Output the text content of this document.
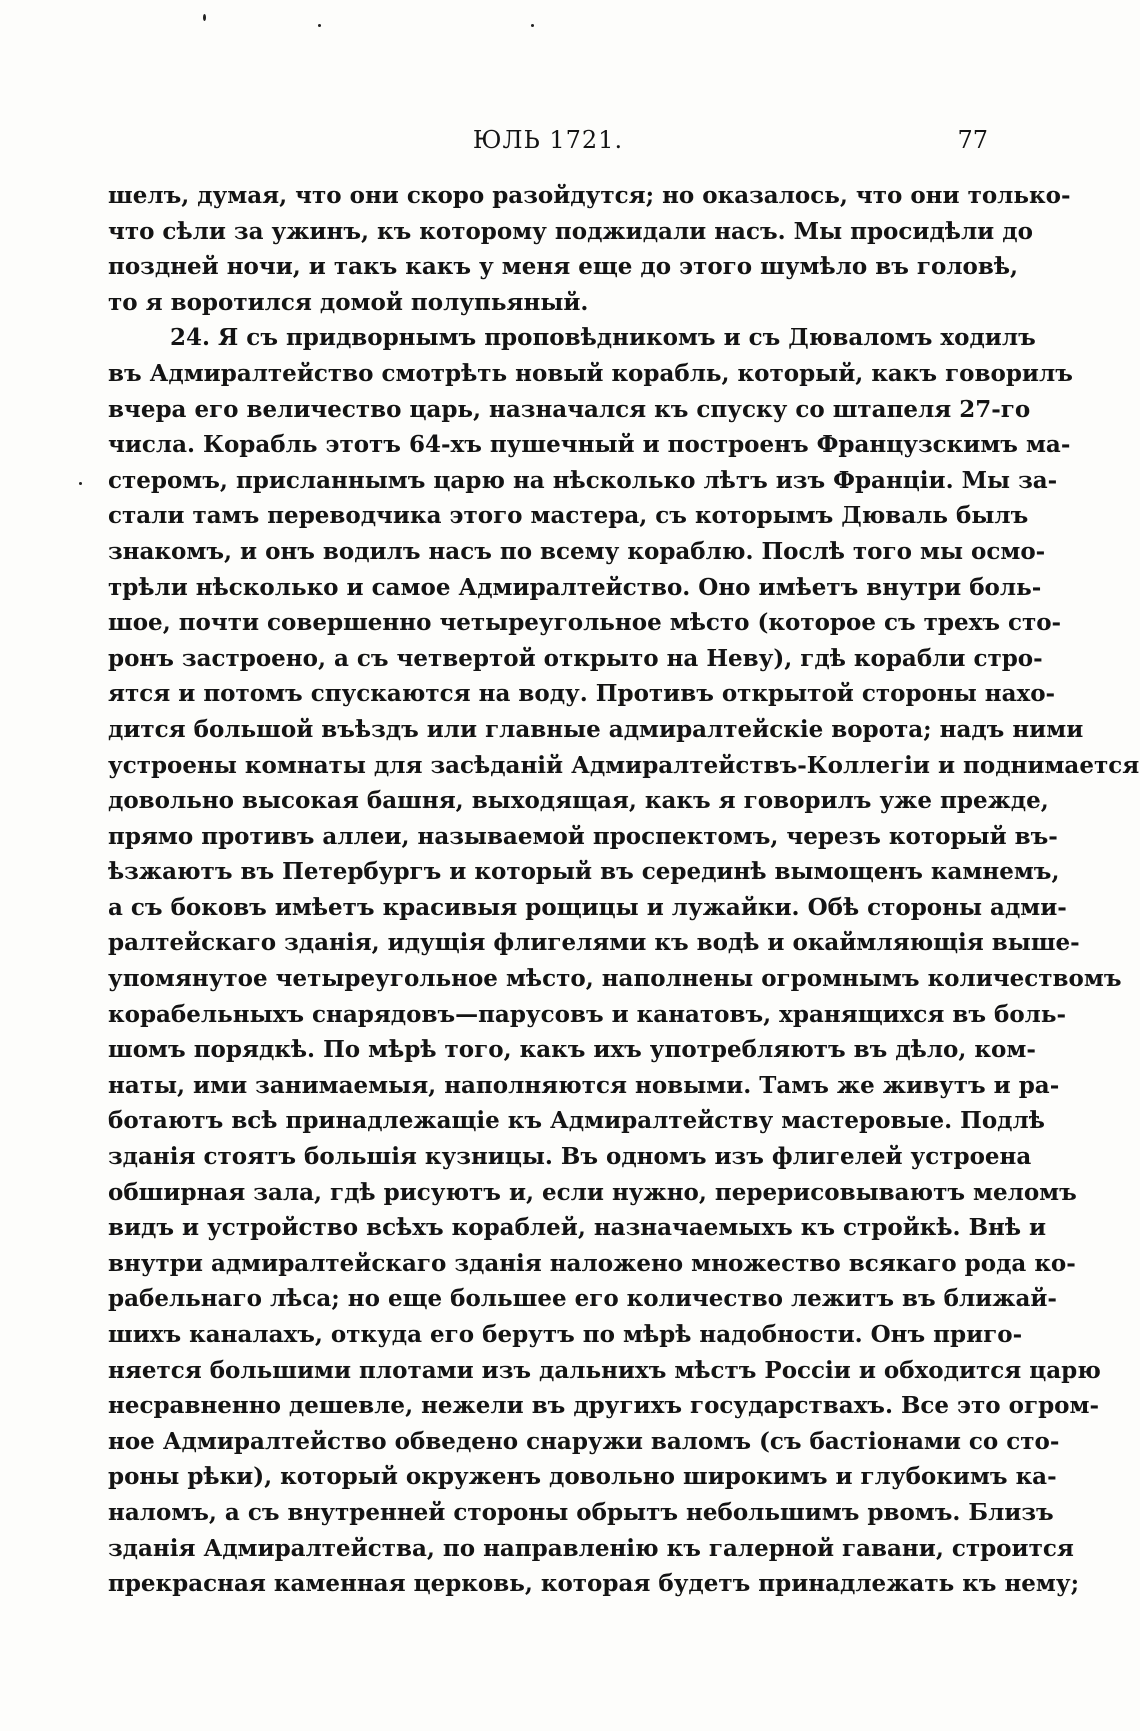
ЮЛЬ 1721.	77
шелъ, думая, что они скоро разойдутся; но оказалось, что они только-
что сѣли за ужинъ, къ которому поджидали насъ. Мы просидѣли до
поздней ночи, и такъ какъ у меня еще до этого шумѣло въ головѣ,
то я воротился домой полупьяный.
24. Я съ придворнымъ проповѣдникомъ и съ Дюваломъ ходилъ
въ Адмиралтейство смотрѣть новый корабль, который, какъ говорилъ
вчера его величество царь, назначался къ спуску со штапеля 27-го
числа. Корабль этотъ 64-хъ пушечный и построенъ Французскимъ ма-
стеромъ, присланнымъ царю на нѣсколько лѣтъ изъ Франціи. Мы за-
стали тамъ переводчика этого мастера, съ которымъ Дюваль былъ
знакомъ, и онъ водилъ насъ по всему кораблю. Послѣ того мы осмо-
трѣли нѣсколько и самое Адмиралтейство. Оно имѣетъ внутри боль-
шое, почти совершенно четыреугольное мѣсто (которое съ трехъ сто-
ронъ застроено, а съ четвертой открыто на Неву), гдѣ корабли стро-
ятся и потомъ спускаются на воду. Противъ открытой стороны нахо-
дится большой въѣздъ или главные адмиралтейскіе ворота; надъ ними
устроены комнаты для засѣданій Адмиралтействъ-Коллегіи и поднимается
довольно высокая башня, выходящая, какъ я говорилъ уже прежде,
прямо противъ аллеи, называемой проспектомъ, черезъ который въ-
ѣзжаютъ въ Петербургъ и который въ серединѣ вымощенъ камнемъ,
а съ боковъ имѣетъ красивыя рощицы и лужайки. Обѣ стороны адми-
ралтейскаго зданія, идущія флигелями къ водѣ и окаймляющія выше-
упомянутое четыреугольное мѣсто, наполнены огромнымъ количествомъ
корабельныхъ снарядовъ—парусовъ и канатовъ, хранящихся въ боль-
шомъ порядкѣ. По мѣрѣ того, какъ ихъ употребляютъ въ дѣло, ком-
наты, ими занимаемыя, наполняются новыми. Тамъ же живутъ и ра-
ботаютъ всѣ принадлежащіе къ Адмиралтейству мастеровые. Подлѣ
зданія стоятъ большія кузницы. Въ одномъ изъ флигелей устроена
обширная зала, гдѣ рисуютъ и, если нужно, перерисовываютъ меломъ
видъ и устройство всѣхъ кораблей, назначаемыхъ къ стройкѣ. Внѣ и
внутри адмиралтейскаго зданія наложено множество всякаго рода ко-
рабельнаго лѣса; но еще большее его количество лежитъ въ ближай-
шихъ каналахъ, откуда его берутъ по мѣрѣ надобности. Онъ приго-
няется большими плотами изъ дальнихъ мѣстъ Россіи и обходится царю
несравненно дешевле, нежели въ другихъ государствахъ. Все это огром-
ное Адмиралтейство обведено снаружи валомъ (съ бастіонами со сто-
роны рѣки), который окруженъ довольно широкимъ и глубокимъ ка-
наломъ, а съ внутренней стороны обрытъ небольшимъ рвомъ. Близъ
зданія Адмиралтейства, по направленію къ галерной гавани, строится
прекрасная каменная церковь, которая будетъ принадлежать къ нему;
